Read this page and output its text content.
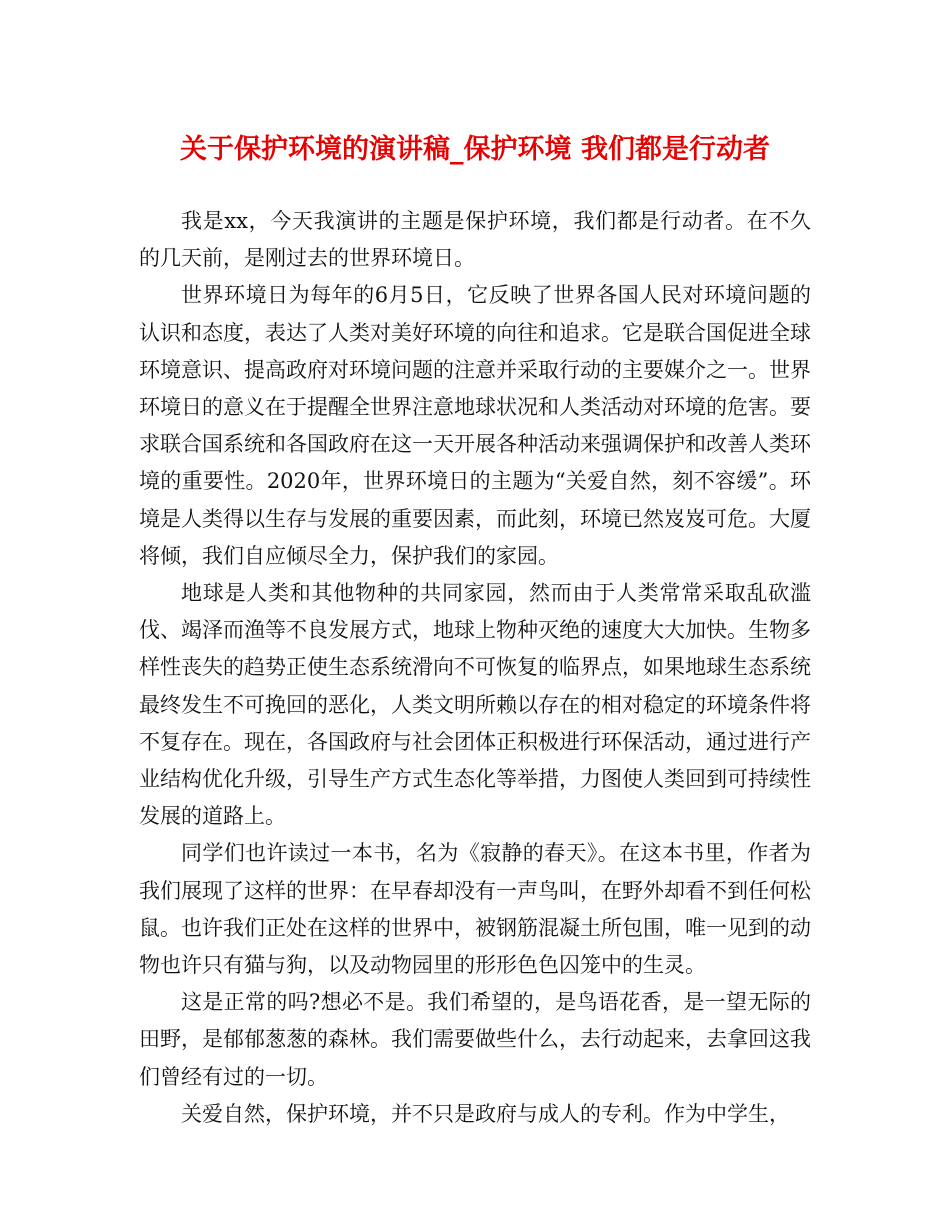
关于保护环境的演讲稿_保护环境 我们都是行动者

我是xx，今天我演讲的主题是保护环境，我们都是行动者。在不久的几天前，是刚过去的世界环境日。

世界环境日为每年的6月5日，它反映了世界各国人民对环境问题的认识和态度，表达了人类对美好环境的向往和追求。它是联合国促进全球环境意识、提高政府对环境问题的注意并采取行动的主要媒介之一。世界环境日的意义在于提醒全世界注意地球状况和人类活动对环境的危害。要求联合国系统和各国政府在这一天开展各种活动来强调保护和改善人类环境的重要性。2020年，世界环境日的主题为“关爱自然，刻不容缓”。环境是人类得以生存与发展的重要因素，而此刻，环境已然岌岌可危。大厦将倾，我们自应倾尽全力，保护我们的家园。

地球是人类和其他物种的共同家园，然而由于人类常常采取乱砍滥伐、竭泽而渔等不良发展方式，地球上物种灭绝的速度大大加快。生物多样性丧失的趋势正使生态系统滑向不可恢复的临界点，如果地球生态系统最终发生不可挽回的恶化，人类文明所赖以存在的相对稳定的环境条件将不复存在。现在，各国政府与社会团体正积极进行环保活动，通过进行产业结构优化升级，引导生产方式生态化等举措，力图使人类回到可持续性发展的道路上。

同学们也许读过一本书，名为《寂静的春天》。在这本书里，作者为我们展现了这样的世界：在早春却没有一声鸟叫，在野外却看不到任何松鼠。也许我们正处在这样的世界中，被钢筋混凝土所包围，唯一见到的动物也许只有猫与狗，以及动物园里的形形色色囚笼中的生灵。

这是正常的吗?想必不是。我们希望的，是鸟语花香，是一望无际的田野，是郁郁葱葱的森林。我们需要做些什么，去行动起来，去拿回这我们曾经有过的一切。

关爱自然，保护环境，并不只是政府与成人的专利。作为中学生，
